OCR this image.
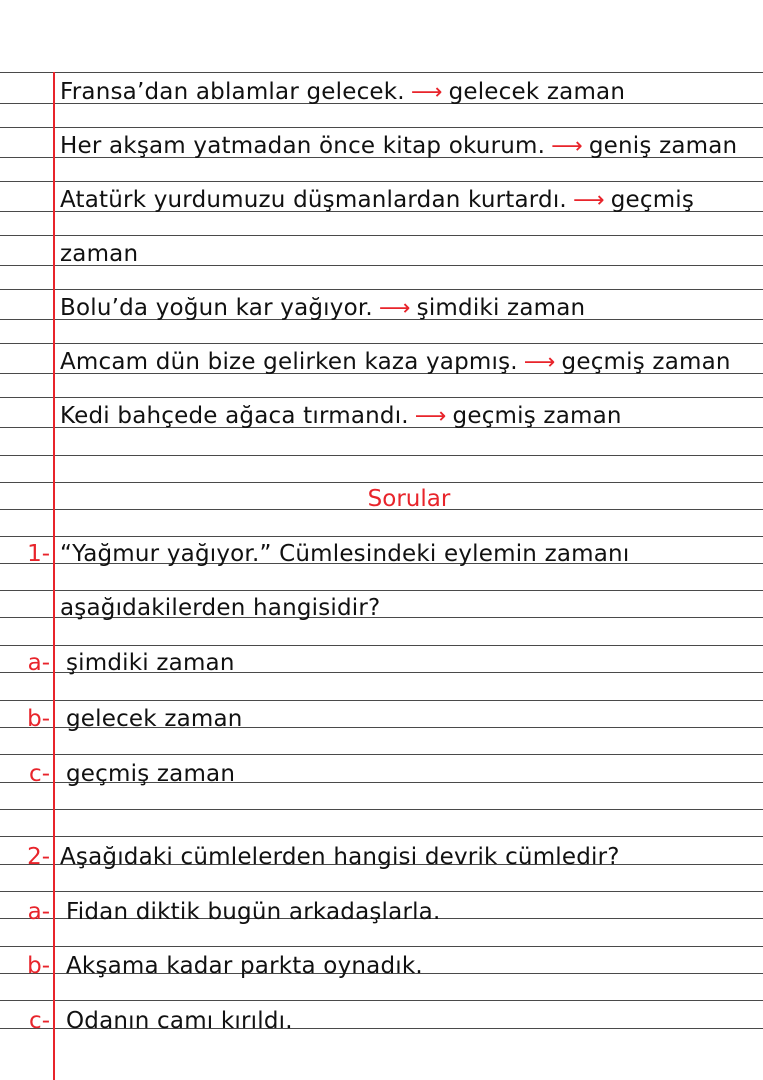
Fransa’dan ablamlar gelecek. ⟶ gelecek zaman
Her akşam yatmadan önce kitap okurum. ⟶ geniş zaman
Atatürk yurdumuzu düşmanlardan kurtardı. ⟶ geçmiş
zaman
Bolu’da yoğun kar yağıyor. ⟶ şimdiki zaman
Amcam dün bize gelirken kaza yapmış. ⟶ geçmiş zaman
Kedi bahçede ağaca tırmandı. ⟶ geçmiş zaman
Sorular
1- “Yağmur yağıyor.” Cümlesindeki eylemin zamanı
aşağıdakilerden hangisidir?
a- şimdiki zaman
b- gelecek zaman
c- geçmiş zaman
2- Aşağıdaki cümlelerden hangisi devrik cümledir?
a- Fidan diktik bugün arkadaşlarla.
b- Akşama kadar parkta oynadık.
c- Odanın camı kırıldı.
